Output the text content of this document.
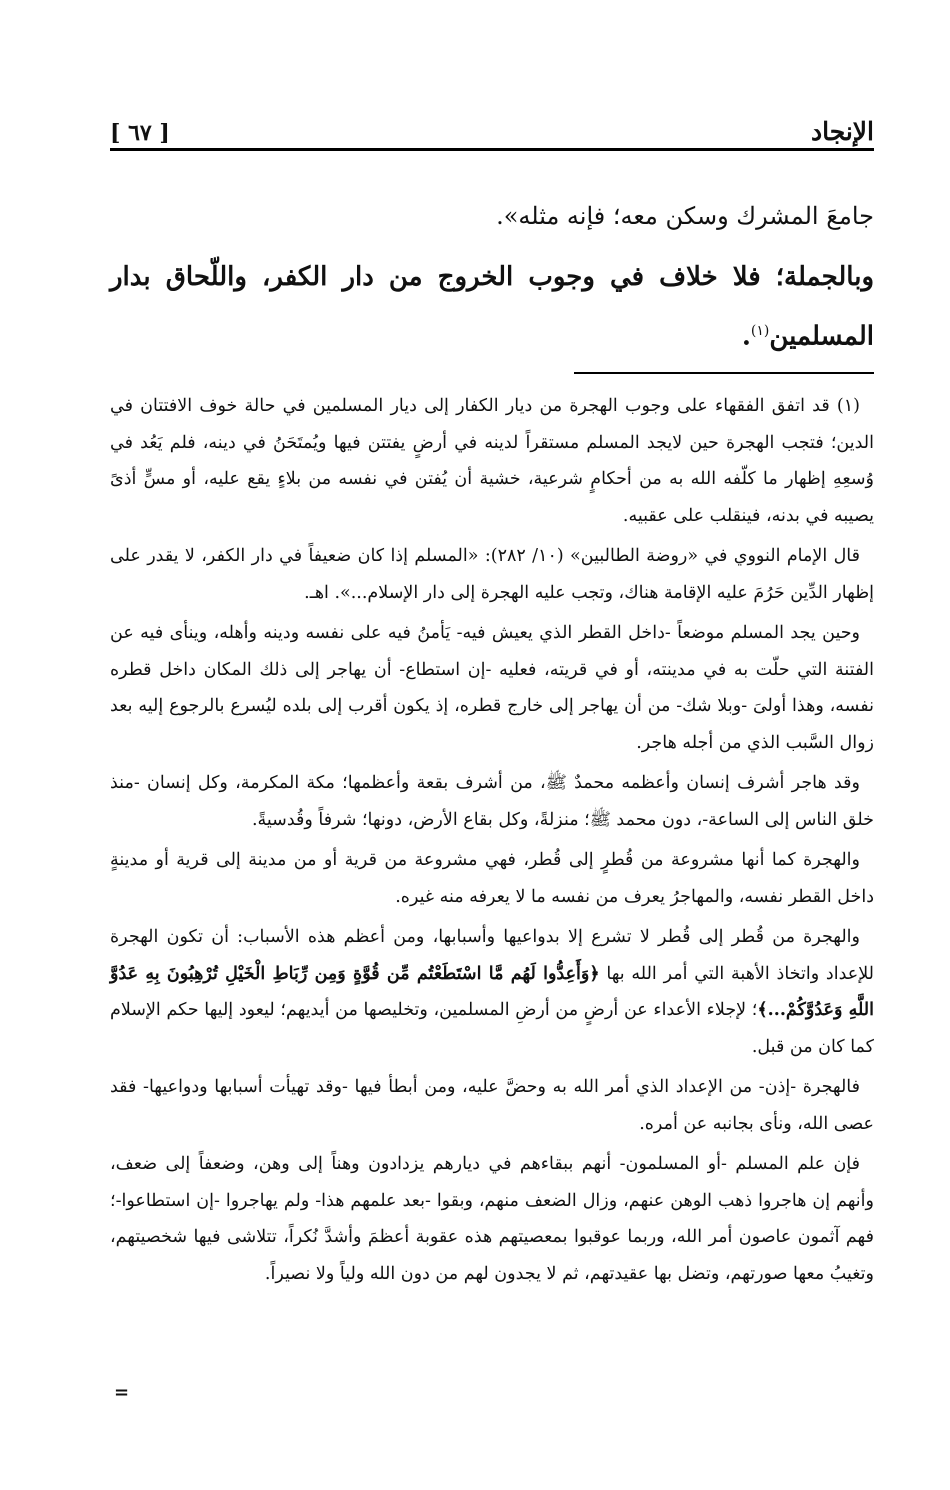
الإنجاد
[ ٦٧ ]

جامعَ المشرك وسكن معه؛ فإنه مثله».

وبالجملة؛ فلا خلاف في وجوب الخروج من دار الكفر، واللّحاق بدار المسلمين$^{(١)}$.

(١) قد اتفق الفقهاء على وجوب الهجرة من ديار الكفار إلى ديار المسلمين في حالة خوف الافتتان في الدين؛ فتجب الهجرة حين لايجد المسلم مستقراً لدينه في أرضٍ يفتتن فيها ويُمتَحَنُ في دينه، فلم يَعُد في وُسعِهِ إظهار ما كلّفه الله به من أحكامٍ شرعية، خشية أن يُفتن في نفسه من بلاءٍ يقع عليه، أو مسٍّ أذىً يصيبه في بدنه، فينقلب على عقبيه.

قال الإمام النووي في «روضة الطالبين» (١٠/ ٢٨٢): «المسلم إذا كان ضعيفاً في دار الكفر، لا يقدر على إظهار الدِّين حَرُمَ عليه الإقامة هناك، وتجب عليه الهجرة إلى دار الإسلام...». اهـ.

وحين يجد المسلم موضعاً -داخل القطر الذي يعيش فيه- يَأمنُ فيه على نفسه ودينه وأهله، وينأى فيه عن الفتنة التي حلّت به في مدينته، أو في قريته، فعليه -إن استطاع- أن يهاجر إلى ذلك المكان داخل قطره نفسه، وهذا أولىَ -وبلا شك- من أن يهاجر إلى خارج قطره، إذ يكون أقرب إلى بلده ليُسرع بالرجوع إليه بعد زوال السَّبب الذي من أجله هاجر.

وقد هاجر أشرف إنسان وأعظمه محمدٌ ﷺ، من أشرف بقعة وأعظمها؛ مكة المكرمة، وكل إنسان -منذ خلق الناس إلى الساعة-، دون محمد ﷺ؛ منزلةً، وكل بقاع الأرض، دونها؛ شرفاً وقُدسيةً.

والهجرة كما أنها مشروعة من قُطرٍ إلى قُطر، فهي مشروعة من قرية أو من مدينة إلى قرية أو مدينةٍ داخل القطر نفسه، والمهاجرُ يعرف من نفسه ما لا يعرفه منه غيره.

والهجرة من قُطر إلى قُطر لا تشرع إلا بدواعيها وأسبابها، ومن أعظم هذه الأسباب: أن تكون الهجرة للإعداد واتخاذ الأهبة التي أمر الله بها ﴿وَأَعِدُّوا لَهُم مَّا اسْتَطَعْتُم مِّن قُوَّةٍ وَمِن رِّبَاطِ الْخَيْلِ تُرْهِبُونَ بِهِ عَدُوَّ اللَّهِ وَعَدُوَّكُمْ...﴾؛ لإجلاء الأعداء عن أرضٍ من أرضِ المسلمين، وتخليصها من أيديهم؛ ليعود إليها حكم الإسلام كما كان من قبل.

فالهجرة -إذن- من الإعداد الذي أمر الله به وحضَّ عليه، ومن أبطأ فيها -وقد تهيأت أسبابها ودواعيها- فقد عصى الله، ونأى بجانبه عن أمره.

فإن علم المسلم -أو المسلمون- أنهم ببقاءهم في ديارهم يزدادون وهناً إلى وهن، وضعفاً إلى ضعف، وأنهم إن هاجروا ذهب الوهن عنهم، وزال الضعف منهم، وبقوا -بعد علمهم هذا- ولم يهاجروا -إن استطاعوا-؛ فهم آثمون عاصون أمر الله، وربما عوقبوا بمعصيتهم هذه عقوبة أعظمَ وأشدَّ نُكراً، تتلاشى فيها شخصيتهم، وتغيبُ معها صورتهم، وتضل بها عقيدتهم، ثم لا يجدون لهم من دون الله ولياً ولا نصيراً.

=
